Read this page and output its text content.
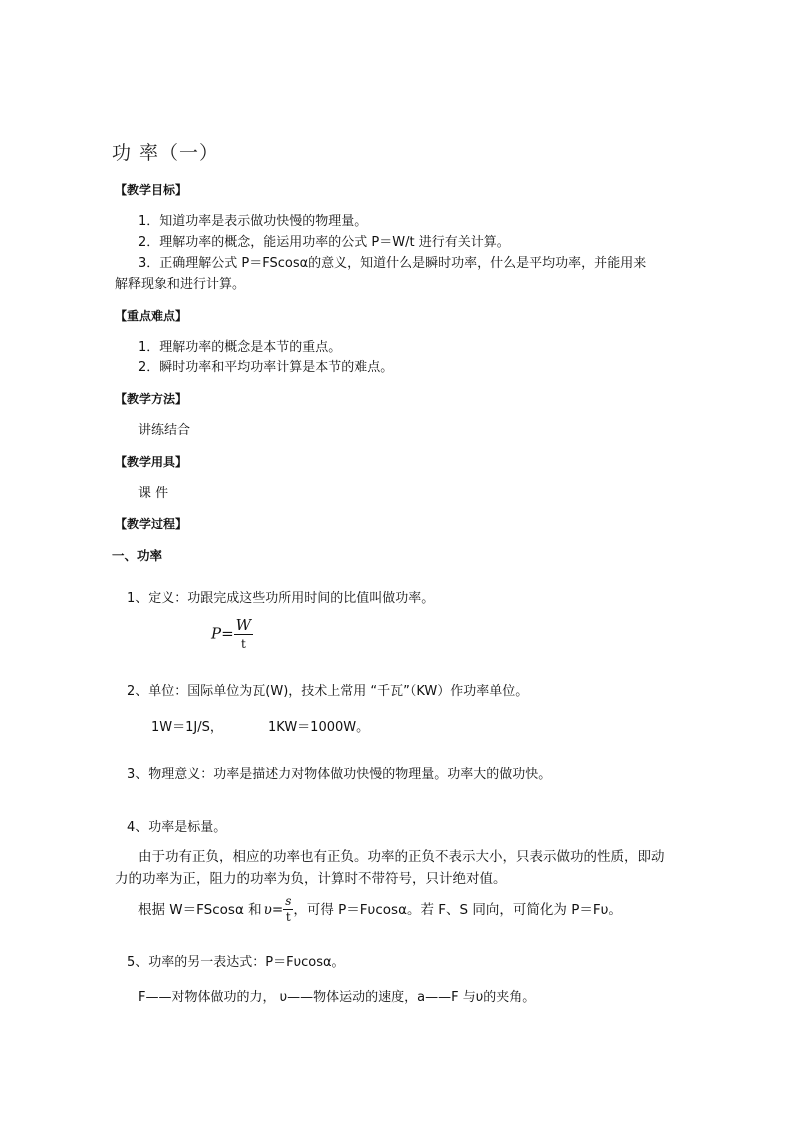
功 率（一）
【教学目标】
1．知道功率是表示做功快慢的物理量。
2．理解功率的概念，能运用功率的公式 P＝W/t 进行有关计算。
3．正确理解公式 P＝FScosα的意义，知道什么是瞬时功率，什么是平均功率，并能用来
解释现象和进行计算。
【重点难点】
1．理解功率的概念是本节的重点。
2．瞬时功率和平均功率计算是本节的难点。
【教学方法】
讲练结合
【教学用具】
课 件
【教学过程】
一、功率
1、定义：功跟完成这些功所用时间的比值叫做功率。
$P= \frac{W}{t}$
2、单位：国际单位为瓦(W)，技术上常用 “千瓦”（KW）作功率单位。
1W＝1J/S，	1KW＝1000W。
3、物理意义：功率是描述力对物体做功快慢的物理量。功率大的做功快。
4、功率是标量。
由于功有正负，相应的功率也有正负。功率的正负不表示大小，只表示做功的性质，即动
力的功率为正，阻力的功率为负，计算时不带符号，只计绝对值。
根据 W＝FScosα 和 $\upsilon= \frac{s}{t}$ ，可得 P＝Fυcosα。若 F、S 同向，可简化为 P＝Fυ。
5、功率的另一表达式：P＝Fυcosα。
F——对物体做功的力， υ——物体运动的速度，a——F 与υ的夹角。
